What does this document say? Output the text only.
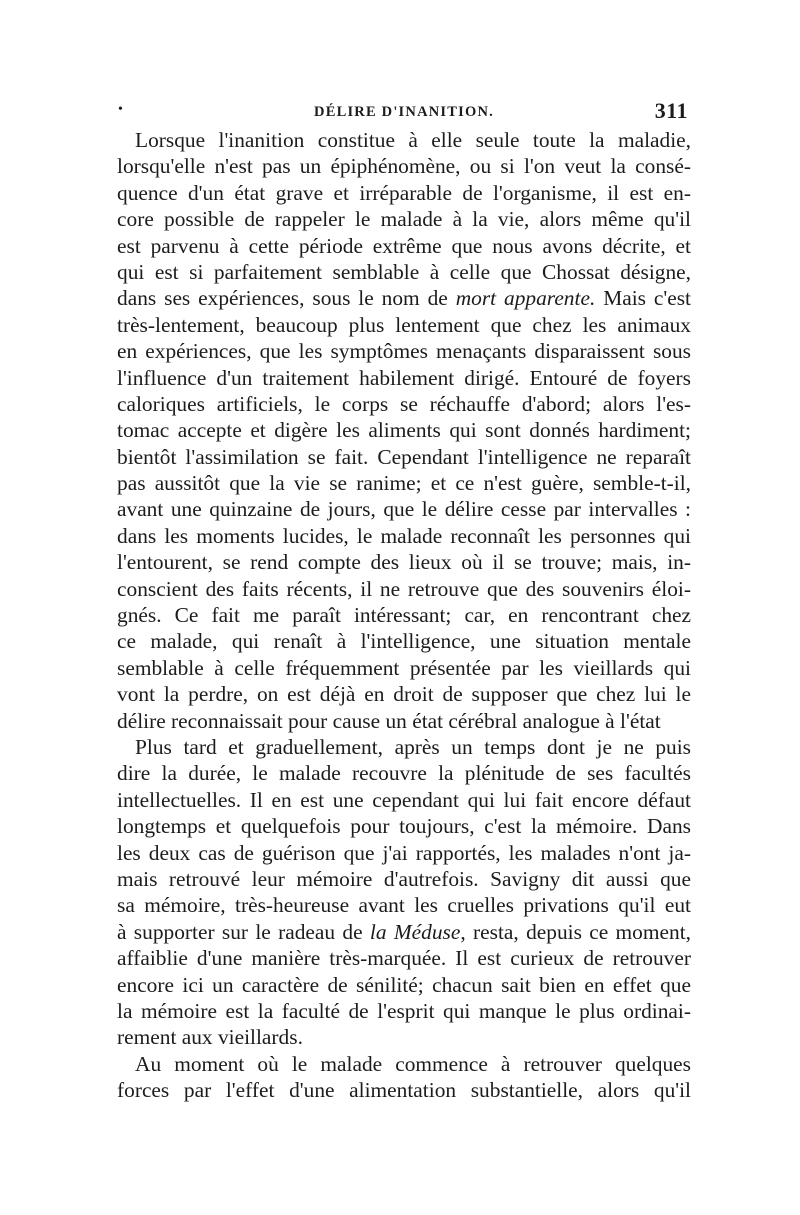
•	DÉLIRE D'INANITION.	311

Lorsque l'inanition constitue à elle seule toute la maladie,
lorsqu'elle n'est pas un épiphénomène, ou si l'on veut la consé-
quence d'un état grave et irréparable de l'organisme, il est en-
core possible de rappeler le malade à la vie, alors même qu'il
est parvenu à cette période extrême que nous avons décrite, et
qui est si parfaitement semblable à celle que Chossat désigne,
dans ses expériences, sous le nom de mort apparente. Mais c'est
très-lentement, beaucoup plus lentement que chez les animaux
en expériences, que les symptômes menaçants disparaissent sous
l'influence d'un traitement habilement dirigé. Entouré de foyers
caloriques artificiels, le corps se réchauffe d'abord; alors l'es-
tomac accepte et digère les aliments qui sont donnés hardiment;
bientôt l'assimilation se fait. Cependant l'intelligence ne reparaît
pas aussitôt que la vie se ranime; et ce n'est guère, semble-t-il,
avant une quinzaine de jours, que le délire cesse par intervalles :
dans les moments lucides, le malade reconnaît les personnes qui
l'entourent, se rend compte des lieux où il se trouve; mais, in-
conscient des faits récents, il ne retrouve que des souvenirs éloi-
gnés. Ce fait me paraît intéressant; car, en rencontrant chez
ce malade, qui renaît à l'intelligence, une situation mentale
semblable à celle fréquemment présentée par les vieillards qui
vont la perdre, on est déjà en droit de supposer que chez lui le
délire reconnaissait pour cause un état cérébral analogue à l'état

Plus tard et graduellement, après un temps dont je ne puis
dire la durée, le malade recouvre la plénitude de ses facultés
intellectuelles. Il en est une cependant qui lui fait encore défaut
longtemps et quelquefois pour toujours, c'est la mémoire. Dans
les deux cas de guérison que j'ai rapportés, les malades n'ont ja-
mais retrouvé leur mémoire d'autrefois. Savigny dit aussi que
sa mémoire, très-heureuse avant les cruelles privations qu'il eut
à supporter sur le radeau de la Méduse, resta, depuis ce moment,
affaiblie d'une manière très-marquée. Il est curieux de retrouver
encore ici un caractère de sénilité; chacun sait bien en effet que
la mémoire est la faculté de l'esprit qui manque le plus ordinai-
rement aux vieillards.

Au moment où le malade commence à retrouver quelques
forces par l'effet d'une alimentation substantielle, alors qu'il
